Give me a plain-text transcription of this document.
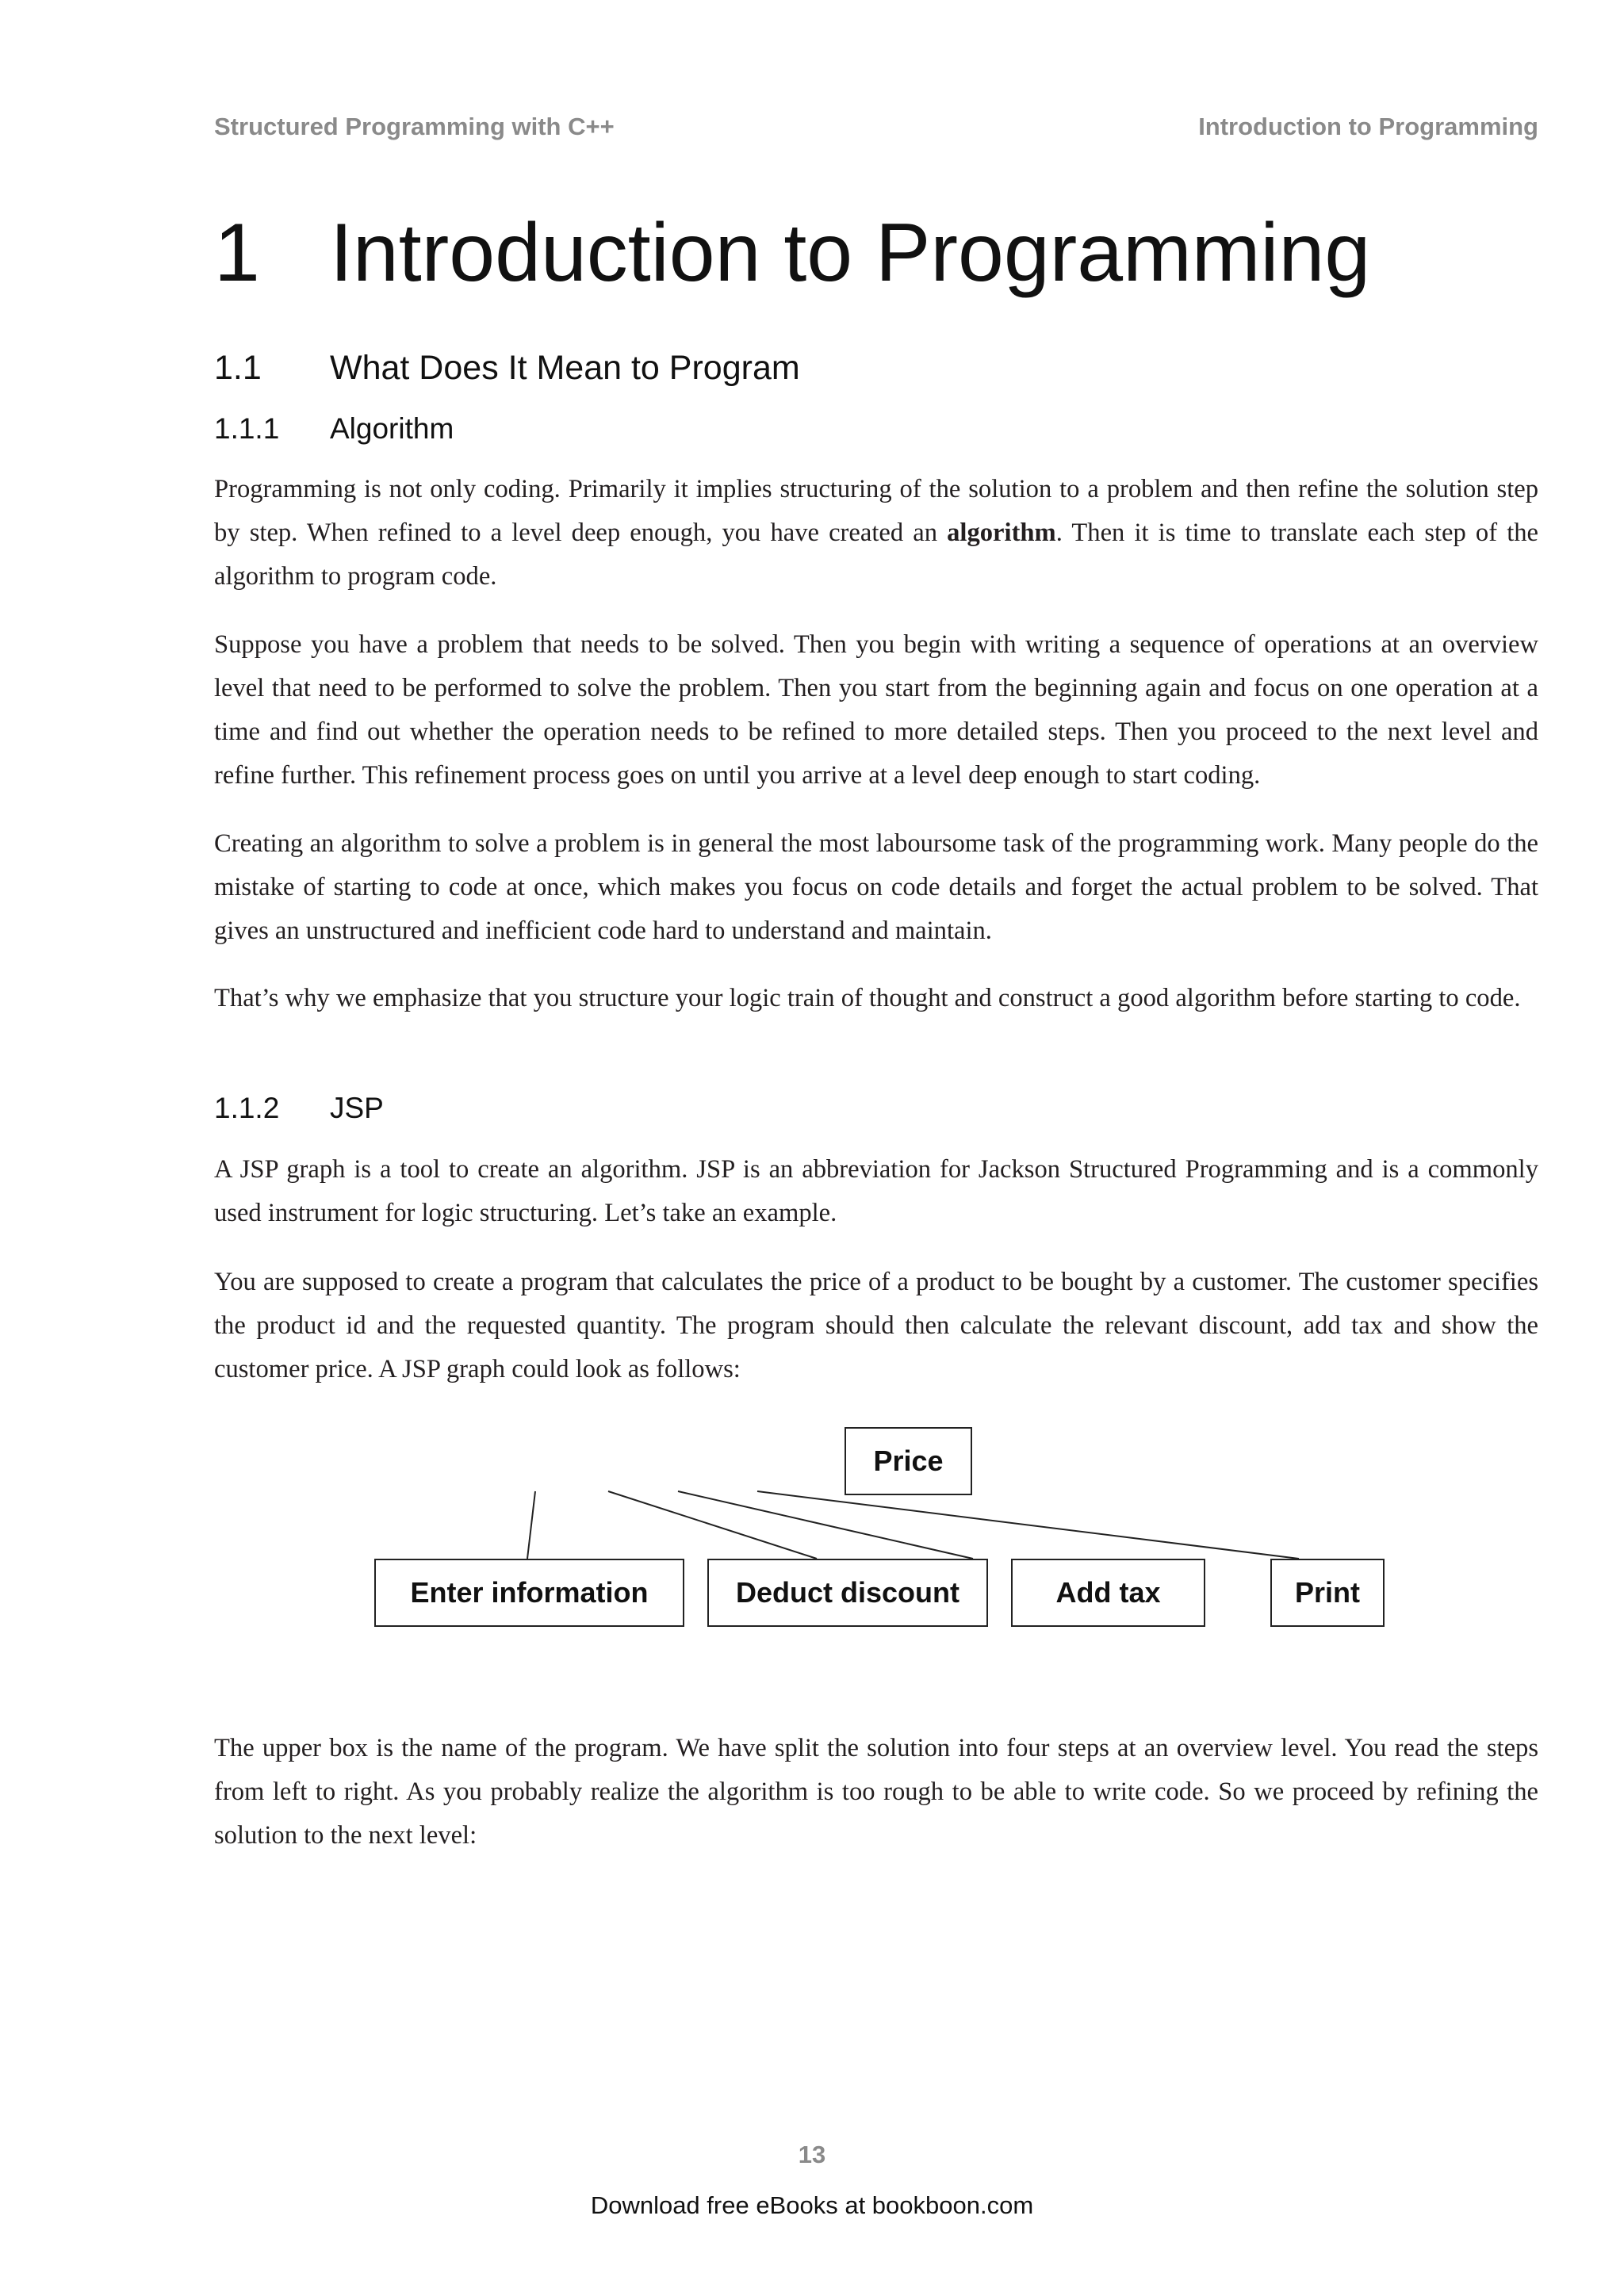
Structured Programming with C++	Introduction to Programming
1 Introduction to Programming
1.1 What Does It Mean to Program
1.1.1 Algorithm

Programming is not only coding. Primarily it implies structuring of the solution to a problem and then refine the solution step by step. When refined to a level deep enough, you have created an algorithm. Then it is time to translate each step of the algorithm to program code.

Suppose you have a problem that needs to be solved. Then you begin with writing a sequence of operations at an overview level that need to be performed to solve the problem. Then you start from the beginning again and focus on one operation at a time and find out whether the operation needs to be refined to more detailed steps. Then you proceed to the next level and refine further. This refinement process goes on until you arrive at a level deep enough to start coding.

Creating an algorithm to solve a problem is in general the most laboursome task of the programming work. Many people do the mistake of starting to code at once, which makes you focus on code details and forget the actual problem to be solved. That gives an unstructured and inefficient code hard to understand and maintain.

That’s why we emphasize that you structure your logic train of thought and construct a good algorithm before starting to code.

1.1.2 JSP

A JSP graph is a tool to create an algorithm. JSP is an abbreviation for Jackson Structured Programming and is a commonly used instrument for logic structuring. Let’s take an example.

You are supposed to create a program that calculates the price of a product to be bought by a customer. The customer specifies the product id and the requested quantity. The program should then calculate the relevant discount, add tax and show the customer price. A JSP graph could look as follows:

Price
Enter information	Deduct discount	Add tax	Print

The upper box is the name of the program. We have split the solution into four steps at an overview level. You read the steps from left to right. As you probably realize the algorithm is too rough to be able to write code. So we proceed by refining the solution to the next level:

13
Download free eBooks at bookboon.com
